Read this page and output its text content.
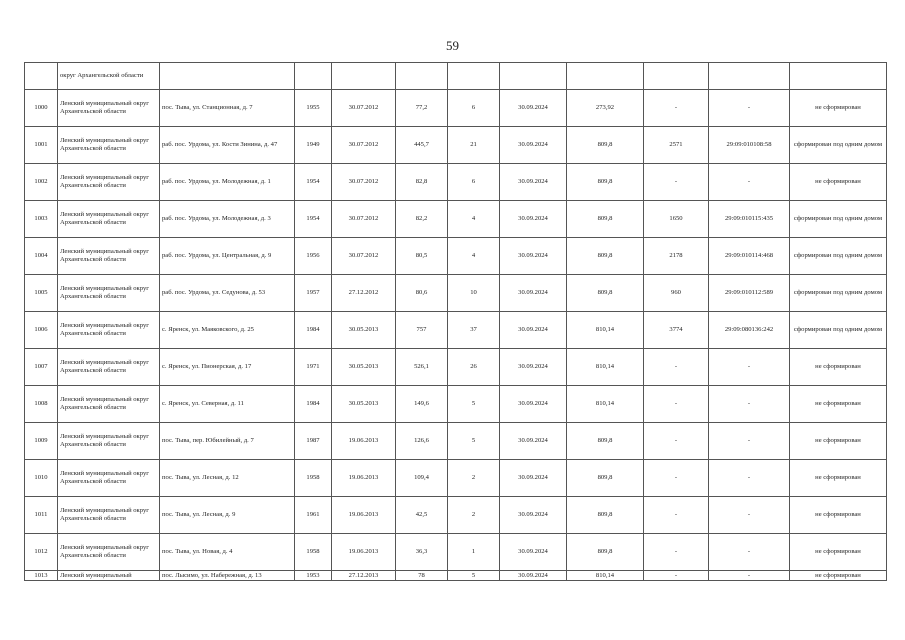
59
	округ Архангельской области										
1000	Ленский муниципальный округ Архангельской области	пос. Тыва, ул. Станционная, д. 7	1955	30.07.2012	77,2	6	30.09.2024	273,92	-	-	не сформирован
1001	Ленский муниципальный округ Архангельской области	раб. пос. Урдома, ул. Кости Зинина, д. 47	1949	30.07.2012	445,7	21	30.09.2024	809,8	2571	29:09:010108:58	сформирован под одним домом
1002	Ленский муниципальный округ Архангельской области	раб. пос. Урдома, ул. Молодежная, д. 1	1954	30.07.2012	82,8	6	30.09.2024	809,8	-	-	не сформирован
1003	Ленский муниципальный округ Архангельской области	раб. пос. Урдома, ул. Молодежная, д. 3	1954	30.07.2012	82,2	4	30.09.2024	809,8	1650	29:09:010115:435	сформирован под одним домом
1004	Ленский муниципальный округ Архангельской области	раб. пос. Урдома, ул. Центральная, д. 9	1956	30.07.2012	80,5	4	30.09.2024	809,8	2178	29:09:010114:468	сформирован под одним домом
1005	Ленский муниципальный округ Архангельской области	раб. пос. Урдома, ул. Седунова, д. 53	1957	27.12.2012	80,6	10	30.09.2024	809,8	960	29:09:010112:589	сформирован под одним домом
1006	Ленский муниципальный округ Архангельской области	с. Яренск, ул. Маяковского, д. 25	1984	30.05.2013	757	37	30.09.2024	810,14	3774	29:09:080136:242	сформирован под одним домом
1007	Ленский муниципальный округ Архангельской области	с. Яренск, ул. Пионерская, д. 17	1971	30.05.2013	526,1	26	30.09.2024	810,14	-	-	не сформирован
1008	Ленский муниципальный округ Архангельской области	с. Яренск, ул. Северная, д. 11	1984	30.05.2013	149,6	5	30.09.2024	810,14	-	-	не сформирован
1009	Ленский муниципальный округ Архангельской области	пос. Тыва, пер. Юбилейный, д. 7	1987	19.06.2013	126,6	5	30.09.2024	809,8	-	-	не сформирован
1010	Ленский муниципальный округ Архангельской области	пос. Тыва, ул. Лесная, д. 12	1958	19.06.2013	109,4	2	30.09.2024	809,8	-	-	не сформирован
1011	Ленский муниципальный округ Архангельской области	пос. Тыва, ул. Лесная, д. 9	1961	19.06.2013	42,5	2	30.09.2024	809,8	-	-	не сформирован
1012	Ленский муниципальный округ Архангельской области	пос. Тыва, ул. Новая, д. 4	1958	19.06.2013	36,3	1	30.09.2024	809,8	-	-	не сформирован
1013	Ленский муниципальный	пос. Лысимо, ул. Набережная, д. 13	1953	27.12.2013	78	5	30.09.2024	810,14	-	-	не сформирован
